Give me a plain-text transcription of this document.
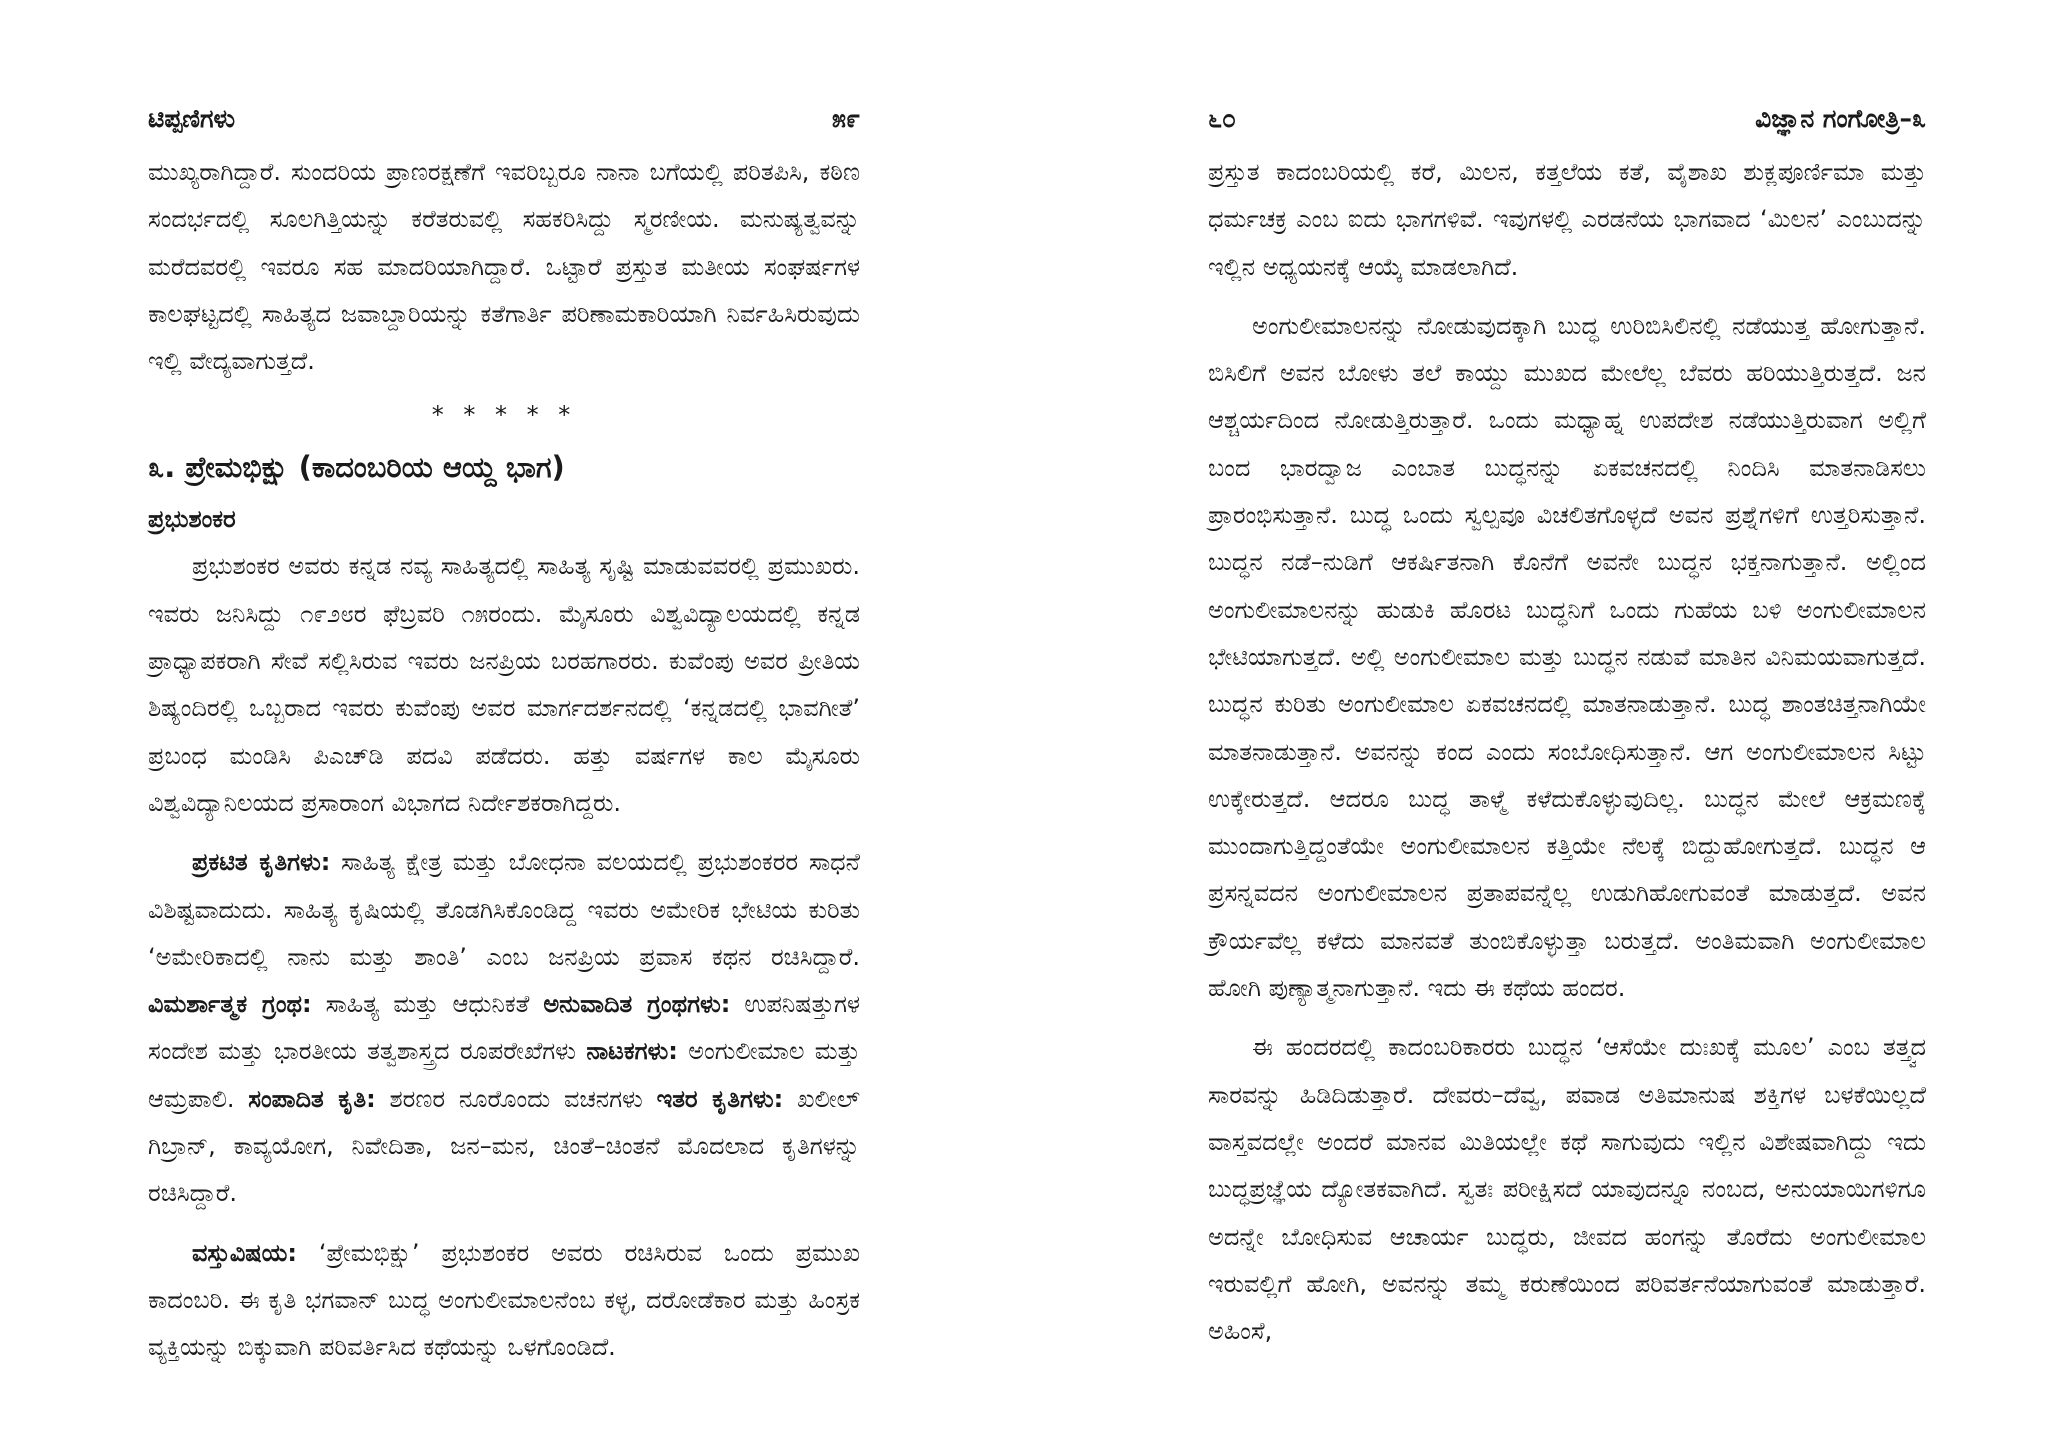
ಟಿಪ್ಪಣಿಗಳು	೫೯

ಮುಖ್ಯರಾಗಿದ್ದಾರೆ. ಸುಂದರಿಯ ಪ್ರಾಣರಕ್ಷಣೆಗೆ ಇವರಿಬ್ಬರೂ ನಾನಾ ಬಗೆಯಲ್ಲಿ ಪರಿತಪಿಸಿ, ಕಠಿಣ ಸಂದರ್ಭದಲ್ಲಿ ಸೂಲಗಿತ್ತಿಯನ್ನು ಕರೆತರುವಲ್ಲಿ ಸಹಕರಿಸಿದ್ದು ಸ್ಮರಣೀಯ. ಮನುಷ್ಯತ್ವವನ್ನು ಮರೆದವರಲ್ಲಿ ಇವರೂ ಸಹ ಮಾದರಿಯಾಗಿದ್ದಾರೆ. ಒಟ್ಟಾರೆ ಪ್ರಸ್ತುತ ಮತೀಯ ಸಂಘರ್ಷಗಳ ಕಾಲಘಟ್ಟದಲ್ಲಿ ಸಾಹಿತ್ಯದ ಜವಾಬ್ದಾರಿಯನ್ನು ಕತೆಗಾರ್ತಿ ಪರಿಣಾಮಕಾರಿಯಾಗಿ ನಿರ್ವಹಿಸಿರುವುದು ಇಲ್ಲಿ ವೇದ್ಯವಾಗುತ್ತದೆ.

* * * * *

೩. ಪ್ರೇಮಭಿಕ್ಷು (ಕಾದಂಬರಿಯ ಆಯ್ದ ಭಾಗ)

ಪ್ರಭುಶಂಕರ

ಪ್ರಭುಶಂಕರ ಅವರು ಕನ್ನಡ ನವ್ಯ ಸಾಹಿತ್ಯದಲ್ಲಿ ಸಾಹಿತ್ಯ ಸೃಷ್ಟಿ ಮಾಡುವವರಲ್ಲಿ ಪ್ರಮುಖರು. ಇವರು ಜನಿಸಿದ್ದು ೧೯೨೮ರ ಫೆಬ್ರವರಿ ೧೫ರಂದು. ಮೈಸೂರು ವಿಶ್ವವಿದ್ಯಾಲಯದಲ್ಲಿ ಕನ್ನಡ ಪ್ರಾಧ್ಯಾಪಕರಾಗಿ ಸೇವೆ ಸಲ್ಲಿಸಿರುವ ಇವರು ಜನಪ್ರಿಯ ಬರಹಗಾರರು. ಕುವೆಂಪು ಅವರ ಪ್ರೀತಿಯ ಶಿಷ್ಯಂದಿರಲ್ಲಿ ಒಬ್ಬರಾದ ಇವರು ಕುವೆಂಪು ಅವರ ಮಾರ್ಗದರ್ಶನದಲ್ಲಿ ‘ಕನ್ನಡದಲ್ಲಿ ಭಾವಗೀತೆ’ ಪ್ರಬಂಧ ಮಂಡಿಸಿ ಪಿಎಚ್‌ಡಿ ಪದವಿ ಪಡೆದರು. ಹತ್ತು ವರ್ಷಗಳ ಕಾಲ ಮೈಸೂರು ವಿಶ್ವವಿದ್ಯಾನಿಲಯದ ಪ್ರಸಾರಾಂಗ ವಿಭಾಗದ ನಿರ್ದೇಶಕರಾಗಿದ್ದರು.

ಪ್ರಕಟಿತ ಕೃತಿಗಳು: ಸಾಹಿತ್ಯ ಕ್ಷೇತ್ರ ಮತ್ತು ಬೋಧನಾ ವಲಯದಲ್ಲಿ ಪ್ರಭುಶಂಕರರ ಸಾಧನೆ ವಿಶಿಷ್ಟವಾದುದು. ಸಾಹಿತ್ಯ ಕೃಷಿಯಲ್ಲಿ ತೊಡಗಿಸಿಕೊಂಡಿದ್ದ ಇವರು ಅಮೇರಿಕ ಭೇಟಿಯ ಕುರಿತು ‘ಅಮೇರಿಕಾದಲ್ಲಿ ನಾನು ಮತ್ತು ಶಾಂತಿ’ ಎಂಬ ಜನಪ್ರಿಯ ಪ್ರವಾಸ ಕಥನ ರಚಿಸಿದ್ದಾರೆ. ವಿಮರ್ಶಾತ್ಮಕ ಗ್ರಂಥ: ಸಾಹಿತ್ಯ ಮತ್ತು ಆಧುನಿಕತೆ ಅನುವಾದಿತ ಗ್ರಂಥಗಳು: ಉಪನಿಷತ್ತುಗಳ ಸಂದೇಶ ಮತ್ತು ಭಾರತೀಯ ತತ್ವಶಾಸ್ತ್ರದ ರೂಪರೇಖೆಗಳು ನಾಟಕಗಳು: ಅಂಗುಲೀಮಾಲ ಮತ್ತು ಆಮ್ರಪಾಲಿ. ಸಂಪಾದಿತ ಕೃತಿ: ಶರಣರ ನೂರೊಂದು ವಚನಗಳು ಇತರ ಕೃತಿಗಳು: ಖಲೀಲ್ ಗಿಬ್ರಾನ್, ಕಾವ್ಯಯೋಗ, ನಿವೇದಿತಾ, ಜನ–ಮನ, ಚಿಂತೆ–ಚಿಂತನೆ ಮೊದಲಾದ ಕೃತಿಗಳನ್ನು ರಚಿಸಿದ್ದಾರೆ.

ವಸ್ತುವಿಷಯ: ‘ಪ್ರೇಮಭಿಕ್ಷು’ ಪ್ರಭುಶಂಕರ ಅವರು ರಚಿಸಿರುವ ಒಂದು ಪ್ರಮುಖ ಕಾದಂಬರಿ. ಈ ಕೃತಿ ಭಗವಾನ್ ಬುದ್ಧ ಅಂಗುಲೀಮಾಲನೆಂಬ ಕಳ್ಳ, ದರೋಡೆಕಾರ ಮತ್ತು ಹಿಂಸ್ರಕ ವ್ಯಕ್ತಿಯನ್ನು ಬಿಕ್ಕುವಾಗಿ ಪರಿವರ್ತಿಸಿದ ಕಥೆಯನ್ನು ಒಳಗೊಂಡಿದೆ.

೬೦	ವಿಜ್ಞಾನ ಗಂಗೋತ್ರಿ–೩

ಪ್ರಸ್ತುತ ಕಾದಂಬರಿಯಲ್ಲಿ ಕರೆ, ಮಿಲನ, ಕತ್ತಲೆಯ ಕತೆ, ವೈಶಾಖ ಶುಕ್ಲಪೂರ್ಣಿಮಾ ಮತ್ತು ಧರ್ಮಚಕ್ರ ಎಂಬ ಐದು ಭಾಗಗಳಿವೆ. ಇವುಗಳಲ್ಲಿ ಎರಡನೆಯ ಭಾಗವಾದ ‘ಮಿಲನ’ ಎಂಬುದನ್ನು ಇಲ್ಲಿನ ಅಧ್ಯಯನಕ್ಕೆ ಆಯ್ಕೆ ಮಾಡಲಾಗಿದೆ.

ಅಂಗುಲೀಮಾಲನನ್ನು ನೋಡುವುದಕ್ಕಾಗಿ ಬುದ್ಧ ಉರಿಬಿಸಿಲಿನಲ್ಲಿ ನಡೆಯುತ್ತ ಹೋಗುತ್ತಾನೆ. ಬಿಸಿಲಿಗೆ ಅವನ ಬೋಳು ತಲೆ ಕಾಯ್ದು ಮುಖದ ಮೇಲೆಲ್ಲ ಬೆವರು ಹರಿಯುತ್ತಿರುತ್ತದೆ. ಜನ ಆಶ್ಚರ್ಯದಿಂದ ನೋಡುತ್ತಿರುತ್ತಾರೆ. ಒಂದು ಮಧ್ಯಾಹ್ನ ಉಪದೇಶ ನಡೆಯುತ್ತಿರುವಾಗ ಅಲ್ಲಿಗೆ ಬಂದ ಭಾರದ್ವಾಜ ಎಂಬಾತ ಬುದ್ಧನನ್ನು ಏಕವಚನದಲ್ಲಿ ನಿಂದಿಸಿ ಮಾತನಾಡಿಸಲು ಪ್ರಾರಂಭಿಸುತ್ತಾನೆ. ಬುದ್ಧ ಒಂದು ಸ್ವಲ್ಪವೂ ವಿಚಲಿತಗೊಳ್ಳದೆ ಅವನ ಪ್ರಶ್ನೆಗಳಿಗೆ ಉತ್ತರಿಸುತ್ತಾನೆ. ಬುದ್ಧನ ನಡೆ–ನುಡಿಗೆ ಆಕರ್ಷಿತನಾಗಿ ಕೊನೆಗೆ ಅವನೇ ಬುದ್ಧನ ಭಕ್ತನಾಗುತ್ತಾನೆ. ಅಲ್ಲಿಂದ ಅಂಗುಲೀಮಾಲನನ್ನು ಹುಡುಕಿ ಹೊರಟ ಬುದ್ಧನಿಗೆ ಒಂದು ಗುಹೆಯ ಬಳಿ ಅಂಗುಲೀಮಾಲನ ಭೇಟಿಯಾಗುತ್ತದೆ. ಅಲ್ಲಿ ಅಂಗುಲೀಮಾಲ ಮತ್ತು ಬುದ್ಧನ ನಡುವೆ ಮಾತಿನ ವಿನಿಮಯವಾಗುತ್ತದೆ. ಬುದ್ಧನ ಕುರಿತು ಅಂಗುಲೀಮಾಲ ಏಕವಚನದಲ್ಲಿ ಮಾತನಾಡುತ್ತಾನೆ. ಬುದ್ಧ ಶಾಂತಚಿತ್ತನಾಗಿಯೇ ಮಾತನಾಡುತ್ತಾನೆ. ಅವನನ್ನು ಕಂದ ಎಂದು ಸಂಬೋಧಿಸುತ್ತಾನೆ. ಆಗ ಅಂಗುಲೀಮಾಲನ ಸಿಟ್ಟು ಉಕ್ಕೇರುತ್ತದೆ. ಆದರೂ ಬುದ್ಧ ತಾಳ್ಮೆ ಕಳೆದುಕೊಳ್ಳುವುದಿಲ್ಲ. ಬುದ್ಧನ ಮೇಲೆ ಆಕ್ರಮಣಕ್ಕೆ ಮುಂದಾಗುತ್ತಿದ್ದಂತೆಯೇ ಅಂಗುಲೀಮಾಲನ ಕತ್ತಿಯೇ ನೆಲಕ್ಕೆ ಬಿದ್ದುಹೋಗುತ್ತದೆ. ಬುದ್ಧನ ಆ ಪ್ರಸನ್ನವದನ ಅಂಗುಲೀಮಾಲನ ಪ್ರತಾಪವನ್ನೆಲ್ಲ ಉಡುಗಿಹೋಗುವಂತೆ ಮಾಡುತ್ತದೆ. ಅವನ ಕ್ರೌರ್ಯವೆಲ್ಲ ಕಳೆದು ಮಾನವತೆ ತುಂಬಿಕೊಳ್ಳುತ್ತಾ ಬರುತ್ತದೆ. ಅಂತಿಮವಾಗಿ ಅಂಗುಲೀಮಾಲ ಹೋಗಿ ಪುಣ್ಯಾತ್ಮನಾಗುತ್ತಾನೆ. ಇದು ಈ ಕಥೆಯ ಹಂದರ.

ಈ ಹಂದರದಲ್ಲಿ ಕಾದಂಬರಿಕಾರರು ಬುದ್ಧನ ‘ಆಸೆಯೇ ದುಃಖಕ್ಕೆ ಮೂಲ’ ಎಂಬ ತತ್ತ್ವದ ಸಾರವನ್ನು ಹಿಡಿದಿಡುತ್ತಾರೆ. ದೇವರು–ದೆವ್ವ, ಪವಾಡ ಅತಿಮಾನುಷ ಶಕ್ತಿಗಳ ಬಳಕೆಯಿಲ್ಲದೆ ವಾಸ್ತವದಲ್ಲೇ ಅಂದರೆ ಮಾನವ ಮಿತಿಯಲ್ಲೇ ಕಥೆ ಸಾಗುವುದು ಇಲ್ಲಿನ ವಿಶೇಷವಾಗಿದ್ದು ಇದು ಬುದ್ಧಪ್ರಜ್ಞೆಯ ದ್ಯೋತಕವಾಗಿದೆ. ಸ್ವತಃ ಪರೀಕ್ಷಿಸದೆ ಯಾವುದನ್ನೂ ನಂಬದ, ಅನುಯಾಯಿಗಳಿಗೂ ಅದನ್ನೇ ಬೋಧಿಸುವ ಆಚಾರ್ಯ ಬುದ್ಧರು, ಜೀವದ ಹಂಗನ್ನು ತೊರೆದು ಅಂಗುಲೀಮಾಲ ಇರುವಲ್ಲಿಗೆ ಹೋಗಿ, ಅವನನ್ನು ತಮ್ಮ ಕರುಣೆಯಿಂದ ಪರಿವರ್ತನೆಯಾಗುವಂತೆ ಮಾಡುತ್ತಾರೆ. ಅಹಿಂಸೆ,
